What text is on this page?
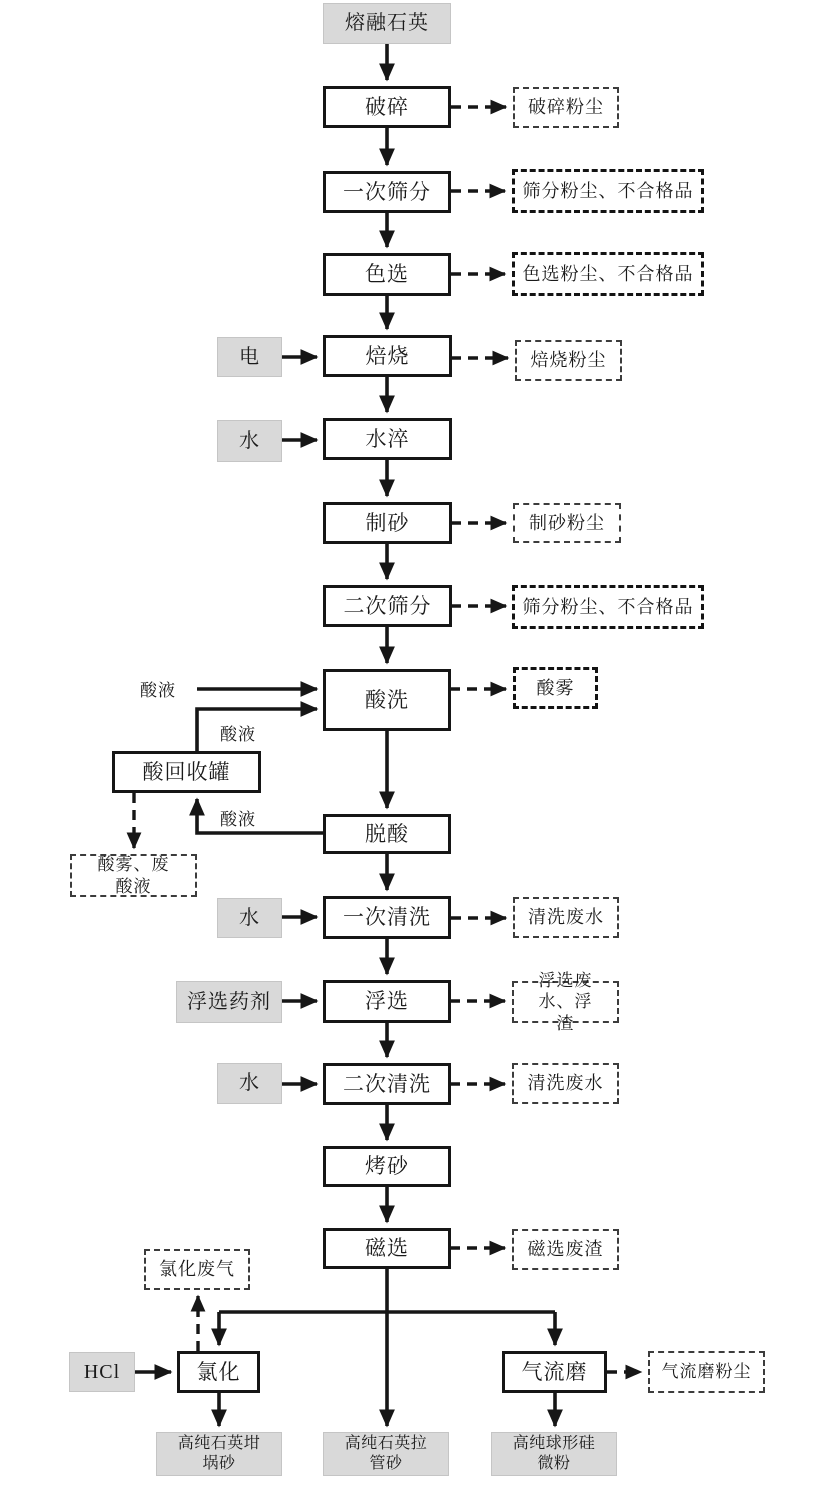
熔融石英
破碎
一次筛分
色选
焙烧
水淬
制砂
二次筛分
酸洗
脱酸
一次清洗
浮选
二次清洗
烤砂
磁选
酸回收罐
酸液
酸液
酸液
电
水
水
浮选药剂
水
HCl
破碎粉尘
焙烧粉尘
制砂粉尘
酸雾、废酸液
清洗废水
浮选废水、浮渣
清洗废水
磁选废渣
氯化废气
气流磨粉尘
筛分粉尘、不合格品
色选粉尘、不合格品
筛分粉尘、不合格品
酸雾
氯化	气流磨
高纯石英坩埚砂
高纯石英拉管砂
高纯球形硅微粉
